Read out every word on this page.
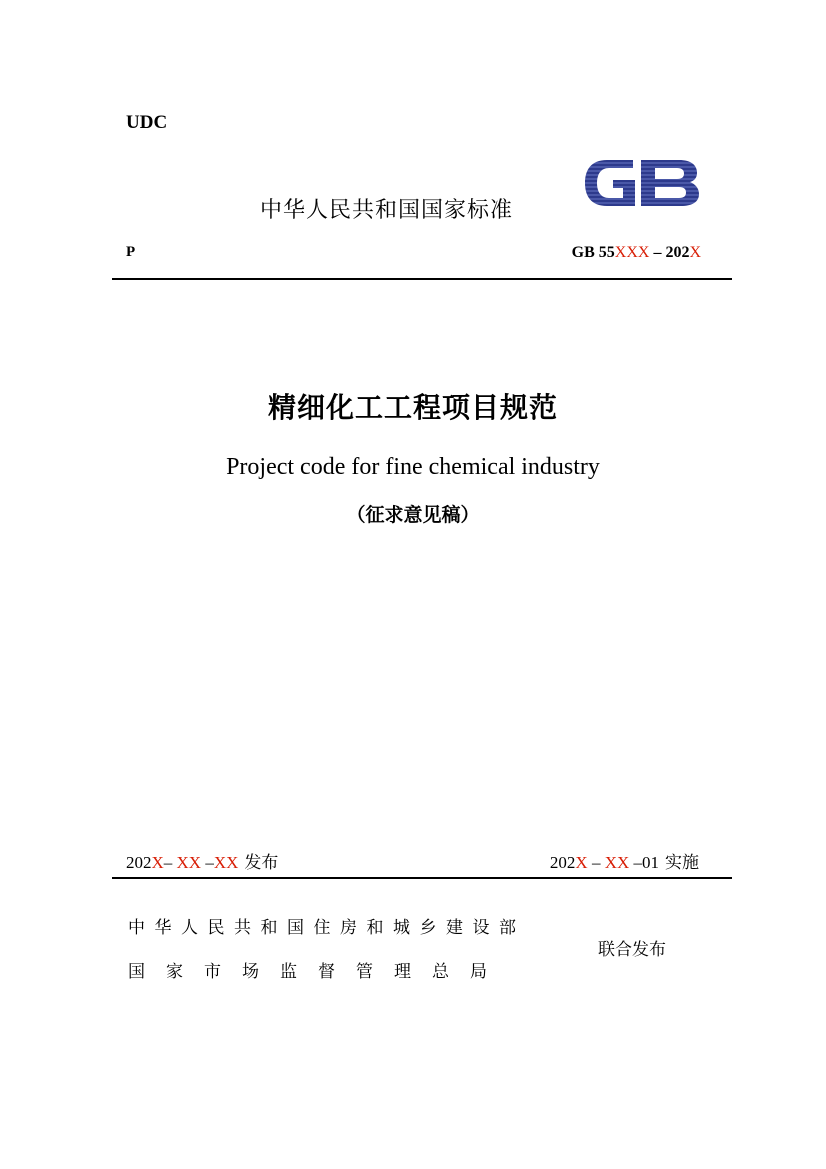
UDC
中华人民共和国国家标准
P	GB 55XXX – 202X
精细化工工程项目规范
Project code for fine chemical industry
（征求意见稿）
202X– XX –XX 发布	202X – XX –01 实施
中华人民共和国住房和城乡建设部
国家市场监督管理总局
联合发布
